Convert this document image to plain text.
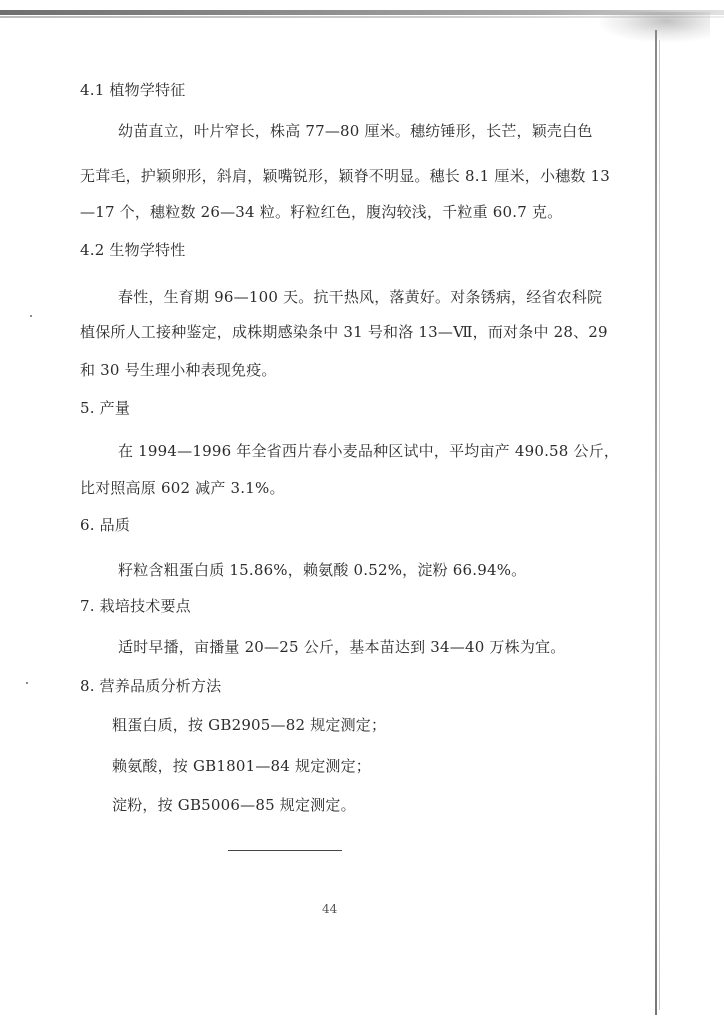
4.1 植物学特征

幼苗直立，叶片窄长，株高 77—80 厘米。穗纺锤形，长芒，颖壳白色

无茸毛，护颖卵形，斜肩，颖嘴锐形，颖脊不明显。穗长 8.1 厘米，小穗数 13

—17 个，穗粒数 26—34 粒。籽粒红色，腹沟较浅，千粒重 60.7 克。

4.2 生物学特性

春性，生育期 96—100 天。抗干热风，落黄好。对条锈病，经省农科院

植保所人工接种鉴定，成株期感染条中 31 号和洛 13—Ⅶ，而对条中 28、29

和 30 号生理小种表现免疫。

5. 产量

在 1994—1996 年全省西片春小麦品种区试中，平均亩产 490.58 公斤，

比对照高原 602 减产 3.1%。

6. 品质

籽粒含粗蛋白质 15.86%，赖氨酸 0.52%，淀粉 66.94%。

7. 栽培技术要点

适时早播，亩播量 20—25 公斤，基本苗达到 34—40 万株为宜。

8. 营养品质分析方法

粗蛋白质，按 GB2905—82 规定测定；

赖氨酸，按 GB1801—84 规定测定；

淀粉，按 GB5006—85 规定测定。

44
